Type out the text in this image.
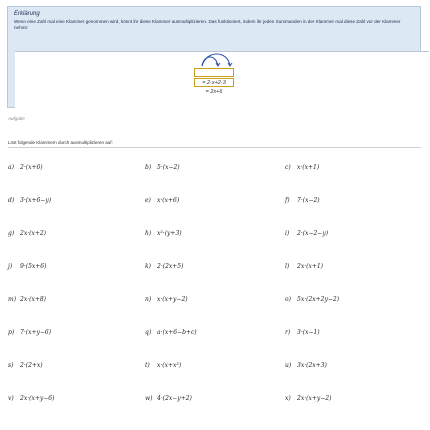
Erklärung
Wenn eine Zahl mal eine Klammer genommen wird, könnt ihr diese Klammer ausmultiplizieren. Das funktioniert, indem ihr jeden Summanden in der Klammer mal diese Zahl vor der Klammer nehmt:
= 2·x+2·3
= 2x+6
Aufgabe
Löst folgende Klammern durch ausmultiplizieren auf:
a) 2·(x+6)
d) 3·(x+6−y)
g) 2x·(x+2)
j) 9·(5x+6)
m) 2x·(x+8)
p) 7·(x+y−6)
s) 2·(2+x)
v) 2x·(x+y−6)
b) 5·(x−2)
e) x·(x+6)
h) x²·(y+3)
k) 2·(2x+5)
n) x·(x+y−2)
q) a·(x+6−b+c)
t) x·(x+x²)
w) 4·(2x−y+2)
c) x·(x+1)
f) 7·(x−2)
i) 2·(x−2−y)
l) 2x·(x+1)
o) 5x·(2x+2y−2)
r) 3·(x−1)
u) 3x·(2x+3)
x) 2x·(x+y−2)
